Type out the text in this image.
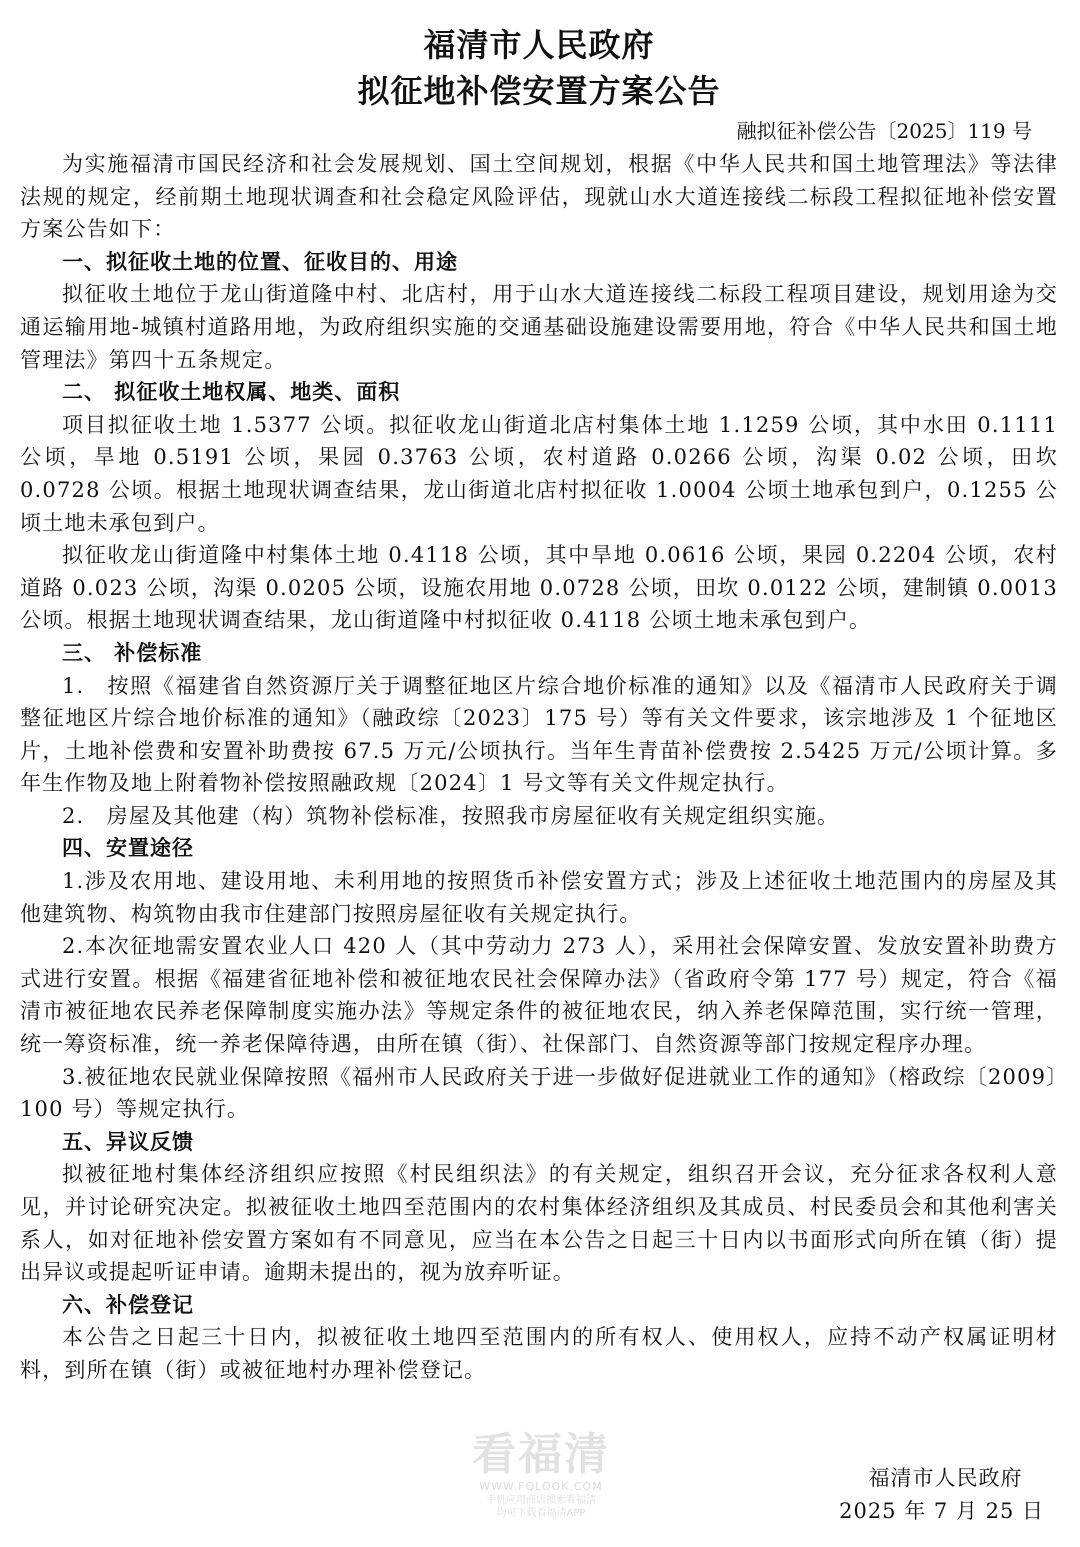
福清市人民政府
拟征地补偿安置方案公告
融拟征补偿公告〔2025〕119 号

为实施福清市国民经济和社会发展规划、国土空间规划，根据《中华人民共和国土地管理法》等法律法规的规定，经前期土地现状调查和社会稳定风险评估，现就山水大道连接线二标段工程拟征地补偿安置方案公告如下：

一、拟征收土地的位置、征收目的、用途

拟征收土地位于龙山街道隆中村、北店村，用于山水大道连接线二标段工程项目建设，规划用途为交通运输用地-城镇村道路用地，为政府组织实施的交通基础设施建设需要用地，符合《中华人民共和国土地管理法》第四十五条规定。

二、 拟征收土地权属、地类、面积

项目拟征收土地 1.5377 公顷。拟征收龙山街道北店村集体土地 1.1259 公顷，其中水田 0.1111 公顷，旱地 0.5191 公顷，果园 0.3763 公顷，农村道路 0.0266 公顷，沟渠 0.02 公顷，田坎 0.0728 公顷。根据土地现状调查结果，龙山街道北店村拟征收 1.0004 公顷土地承包到户，0.1255 公顷土地未承包到户。

拟征收龙山街道隆中村集体土地 0.4118 公顷，其中旱地 0.0616 公顷，果园 0.2204 公顷，农村道路 0.023 公顷，沟渠 0.0205 公顷，设施农用地 0.0728 公顷，田坎 0.0122 公顷，建制镇 0.0013 公顷。根据土地现状调查结果，龙山街道隆中村拟征收 0.4118 公顷土地未承包到户。

三、 补偿标准

1.　按照《福建省自然资源厅关于调整征地区片综合地价标准的通知》以及《福清市人民政府关于调整征地区片综合地价标准的通知》（融政综〔2023〕175 号）等有关文件要求，该宗地涉及 1 个征地区片，土地补偿费和安置补助费按 67.5 万元/公顷执行。当年生青苗补偿费按 2.5425 万元/公顷计算。多年生作物及地上附着物补偿按照融政规〔2024〕1 号文等有关文件规定执行。

2.　房屋及其他建（构）筑物补偿标准，按照我市房屋征收有关规定组织实施。

四、安置途径

1.涉及农用地、建设用地、未利用地的按照货币补偿安置方式；涉及上述征收土地范围内的房屋及其他建筑物、构筑物由我市住建部门按照房屋征收有关规定执行。

2.本次征地需安置农业人口 420 人（其中劳动力 273 人），采用社会保障安置、发放安置补助费方式进行安置。根据《福建省征地补偿和被征地农民社会保障办法》（省政府令第 177 号）规定，符合《福清市被征地农民养老保障制度实施办法》等规定条件的被征地农民，纳入养老保障范围，实行统一管理，统一筹资标准，统一养老保障待遇，由所在镇（街）、社保部门、自然资源等部门按规定程序办理。

3.被征地农民就业保障按照《福州市人民政府关于进一步做好促进就业工作的通知》（榕政综〔2009〕100 号）等规定执行。

五、异议反馈

拟被征地村集体经济组织应按照《村民组织法》的有关规定，组织召开会议，充分征求各权利人意见，并讨论研究决定。拟被征收土地四至范围内的农村集体经济组织及其成员、村民委员会和其他利害关系人，如对征地补偿安置方案如有不同意见，应当在本公告之日起三十日内以书面形式向所在镇（街）提出异议或提起听证申请。逾期未提出的，视为放弃听证。

六、补偿登记

本公告之日起三十日内，拟被征收土地四至范围内的所有权人、使用权人，应持不动产权属证明材料，到所在镇（街）或被征地村办理补偿登记。

看福清
WWW.FQLOOK.COM
手机应用商店搜索看福清
均可下载看福清APP
福清市人民政府
2025 年 7 月 25 日
